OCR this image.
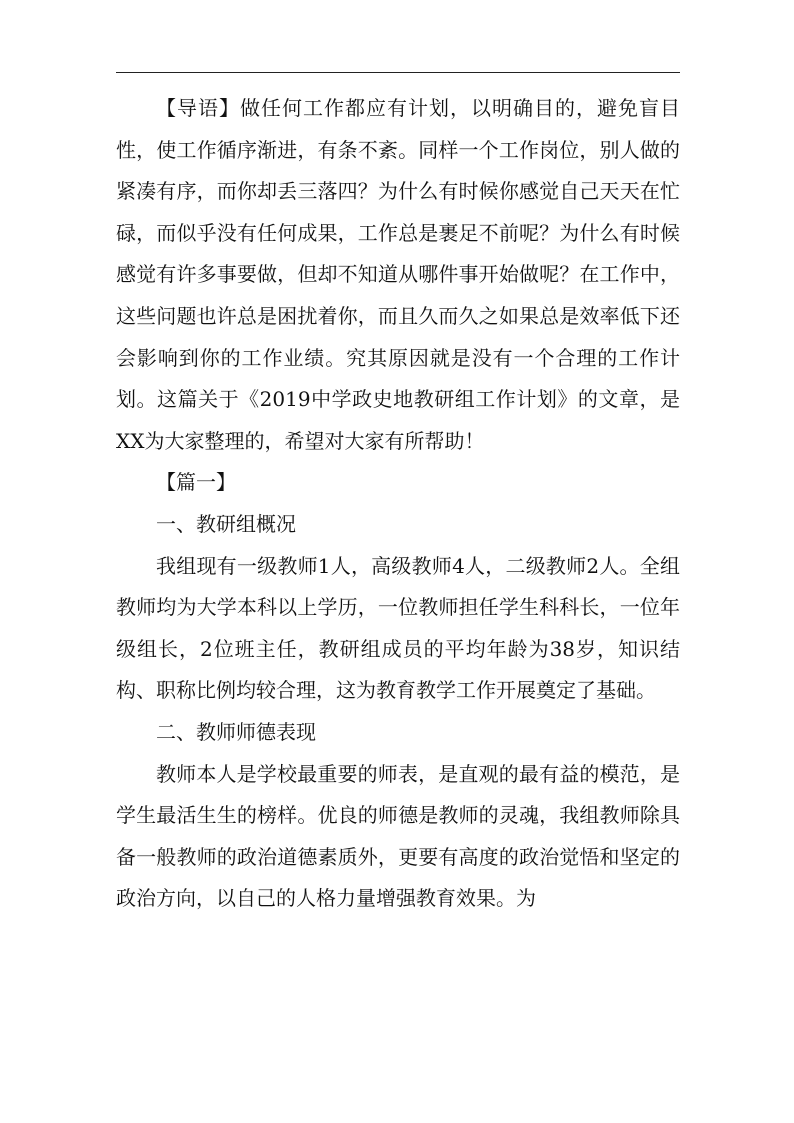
【导语】做任何工作都应有计划，以明确目的，避免盲目性，使工作循序渐进，有条不紊。同样一个工作岗位，别人做的紧凑有序，而你却丢三落四？为什么有时候你感觉自己天天在忙碌，而似乎没有任何成果，工作总是裹足不前呢？为什么有时候感觉有许多事要做，但却不知道从哪件事开始做呢？在工作中，这些问题也许总是困扰着你，而且久而久之如果总是效率低下还会影响到你的工作业绩。究其原因就是没有一个合理的工作计划。这篇关于《2019中学政史地教研组工作计划》的文章，是XX为大家整理的，希望对大家有所帮助！

【篇一】

一、教研组概况

我组现有一级教师1人，高级教师4人，二级教师2人。全组教师均为大学本科以上学历，一位教师担任学生科科长，一位年级组长，2位班主任，教研组成员的平均年龄为38岁，知识结构、职称比例均较合理，这为教育教学工作开展奠定了基础。

二、教师师德表现

教师本人是学校最重要的师表，是直观的最有益的模范，是学生最活生生的榜样。优良的师德是教师的灵魂，我组教师除具备一般教师的政治道德素质外，更要有高度的政治觉悟和坚定的政治方向，以自己的人格力量增强教育效果。为
